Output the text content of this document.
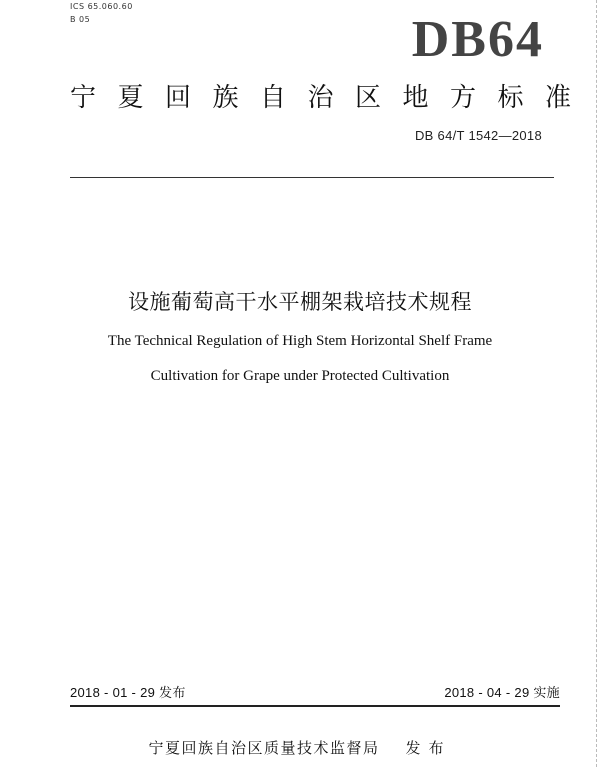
ICS 65.060.60
B 05	DB64
宁夏回族自治区地方标准
DB 64/T 1542—2018
设施葡萄高干水平棚架栽培技术规程

The Technical Regulation of High Stem Horizontal Shelf Frame

Cultivation for Grape under Protected Cultivation

2018 - 01 - 29 发布	2018 - 04 - 29 实施
宁夏回族自治区质量技术监督局 发布
